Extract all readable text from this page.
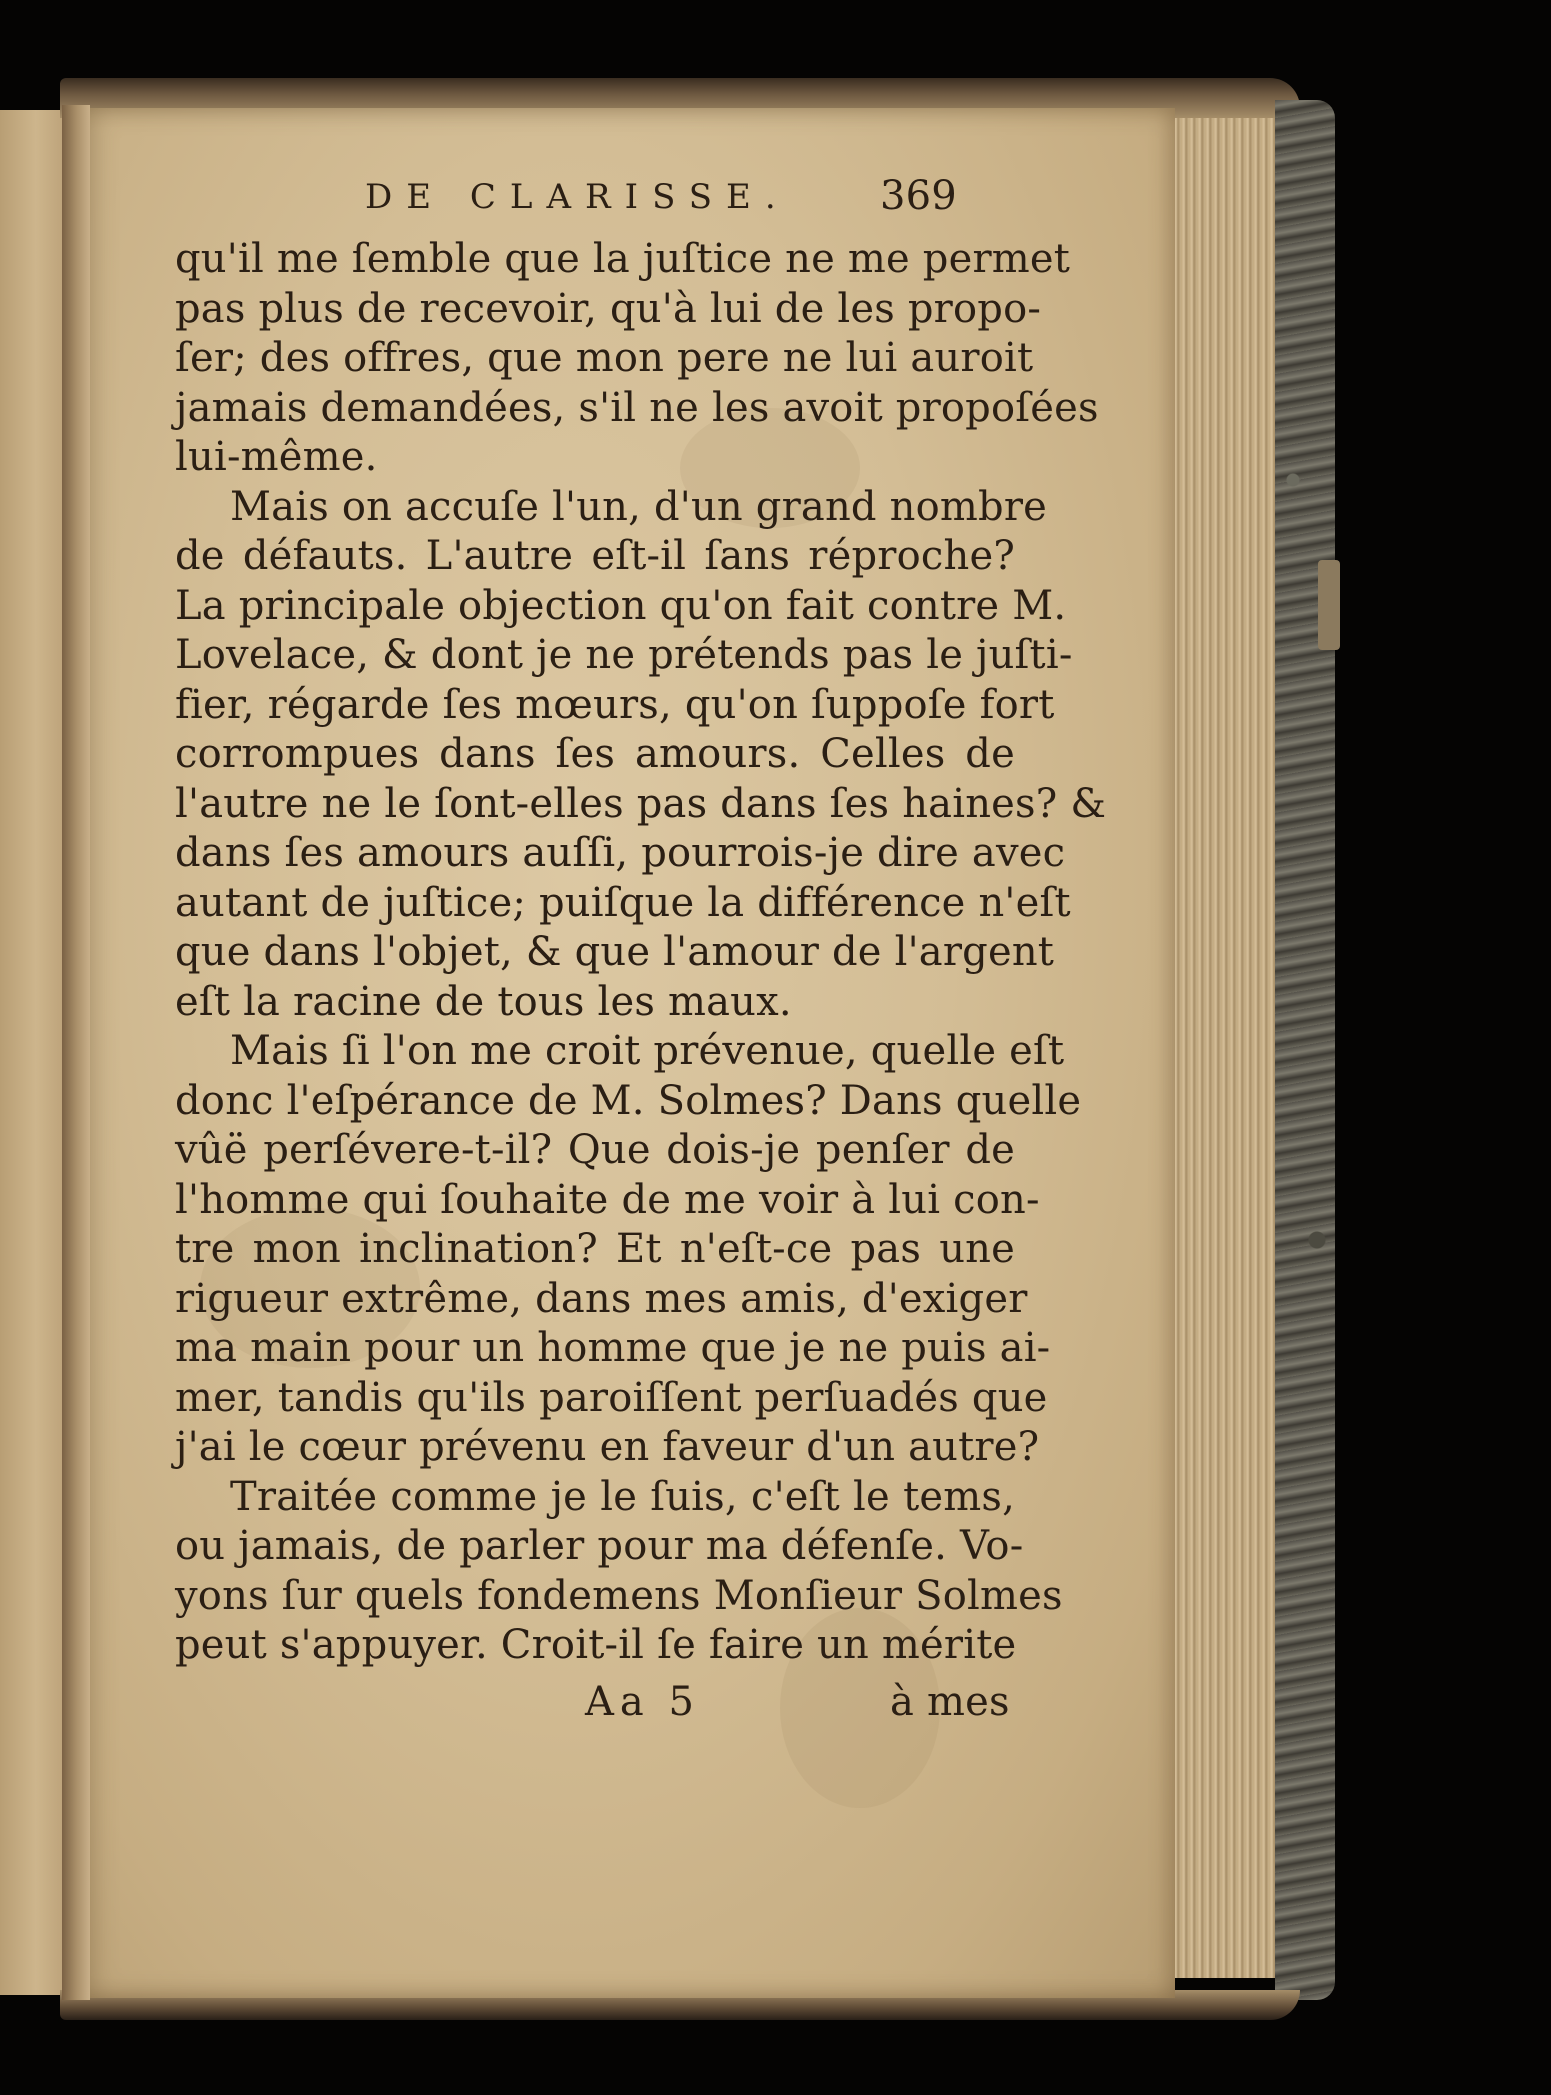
DE CLARISSE. 369
qu'il me ſemble que la juſtice ne me permet
pas plus de recevoir, qu'à lui de les propo-
ſer; des offres, que mon pere ne lui auroit
jamais demandées, s'il ne les avoit propoſées
lui-même.
Mais on accuſe l'un, d'un grand nombre
de défauts. L'autre eſt-il ſans réproche?
La principale objection qu'on fait contre M.
Lovelace, & dont je ne prétends pas le juſti-
fier, régarde ſes mœurs, qu'on ſuppoſe fort
corrompues dans ſes amours. Celles de
l'autre ne le ſont-elles pas dans ſes haines? &
dans ſes amours auſſi, pourrois-je dire avec
autant de juſtice; puiſque la différence n'eſt
que dans l'objet, & que l'amour de l'argent
eſt la racine de tous les maux.
Mais ſi l'on me croit prévenue, quelle eſt
donc l'eſpérance de M. Solmes? Dans quelle
vûë perſévere-t-il? Que dois-je penſer de
l'homme qui ſouhaite de me voir à lui con-
tre mon inclination? Et n'eſt-ce pas une
rigueur extrême, dans mes amis, d'exiger
ma main pour un homme que je ne puis ai-
mer, tandis qu'ils paroiſſent perſuadés que
j'ai le cœur prévenu en faveur d'un autre?
Traitée comme je le ſuis, c'eſt le tems,
ou jamais, de parler pour ma défenſe. Vo-
yons ſur quels fondemens Monſieur Solmes
peut s'appuyer. Croit-il ſe faire un mérite
Aa 5	à mes
